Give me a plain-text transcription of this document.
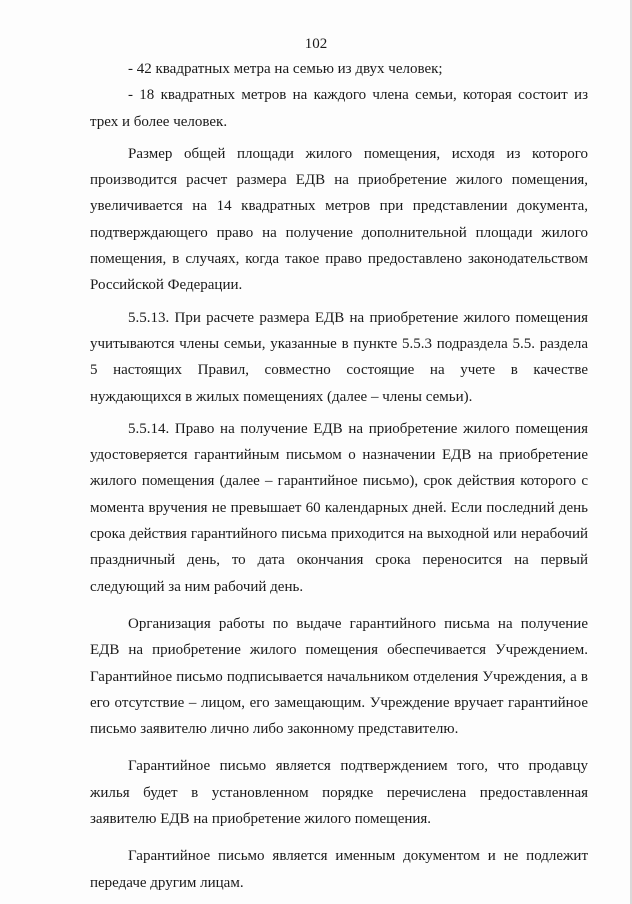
102

- 42 квадратных метра на семью из двух человек;

- 18 квадратных метров на каждого члена семьи, которая состоит из трех и более человек.

Размер общей площади жилого помещения, исходя из которого производится расчет размера ЕДВ на приобретение жилого помещения, увеличивается на 14 квадратных метров при представлении документа, подтверждающего право на получение дополнительной площади жилого помещения, в случаях, когда такое право предоставлено законодательством Российской Федерации.

5.5.13. При расчете размера ЕДВ на приобретение жилого помещения учитываются члены семьи, указанные в пункте 5.5.3 подраздела 5.5. раздела 5 настоящих Правил, совместно состоящие на учете в качестве нуждающихся в жилых помещениях (далее – члены семьи).

5.5.14. Право на получение ЕДВ на приобретение жилого помещения удостоверяется гарантийным письмом о назначении ЕДВ на приобретение жилого помещения (далее – гарантийное письмо), срок действия которого с момента вручения не превышает 60 календарных дней. Если последний день срока действия гарантийного письма приходится на выходной или нерабочий праздничный день, то дата окончания срока переносится на первый следующий за ним рабочий день.

Организация работы по выдаче гарантийного письма на получение ЕДВ на приобретение жилого помещения обеспечивается Учреждением. Гарантийное письмо подписывается начальником отделения Учреждения, а в его отсутствие – лицом, его замещающим. Учреждение вручает гарантийное письмо заявителю лично либо законному представителю.

Гарантийное письмо является подтверждением того, что продавцу жилья будет в установленном порядке перечислена предоставленная заявителю ЕДВ на приобретение жилого помещения.

Гарантийное письмо является именным документом и не подлежит передаче другим лицам.
